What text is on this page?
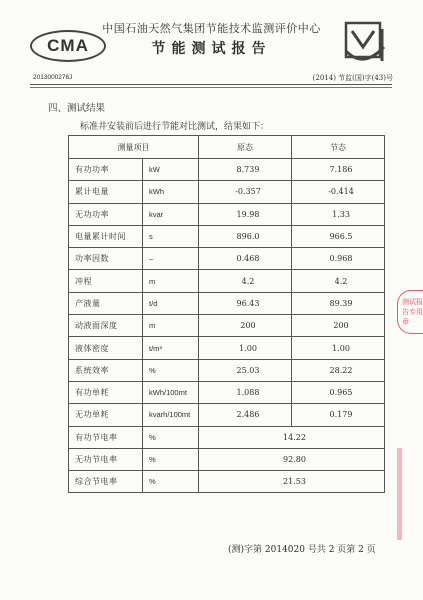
CMA
中国石油天然气集团节能技术监测评价中心
节能测试报告
2013000276J	(2014) 节监(国)字(43)号
四、测试结果
标准井安装前后进行节能对比测试，结果如下：
测量项目		原态	节态
有功功率	kW	8.739	7.186
累计电量	kWh	-0.357	-0.414
无功功率	kvar	19.98	1.33
电量累计时间	s	896.0	966.5
功率因数	–	0.468	0.968
冲程	m	4.2	4.2
产液量	t/d	96.43	89.39
动液面深度	m	200	200
液体密度	t/m³	1.00	1.00
系统效率	%	25.03	28.22
有功单耗	kWh/100mt	1.088	0.965
无功单耗	kvarh/100mt	2.486	0.179
有功节电率	%	14.22	
无功节电率	%	92.80	
综合节电率	%	21.53	
测试报告专用章
(测)字第 2014020 号共 2 页第 2 页
